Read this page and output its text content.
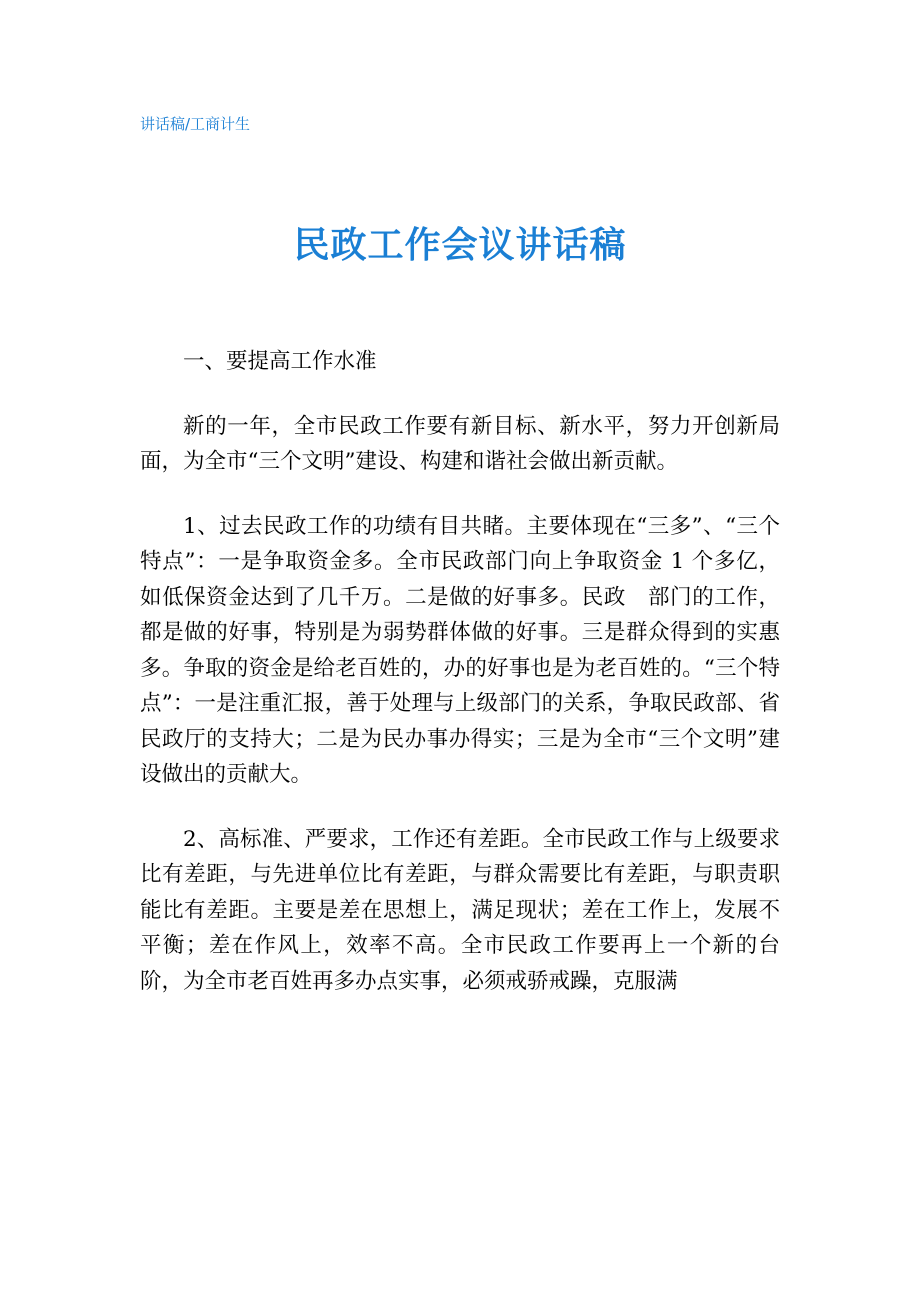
讲话稿/工商计生
民政工作会议讲话稿

一、要提高工作水准

新的一年，全市民政工作要有新目标、新水平，努力开创新局面，为全市“三个文明”建设、构建和谐社会做出新贡献。

1、过去民政工作的功绩有目共睹。主要体现在“三多”、“三个特点”：一是争取资金多。全市民政部门向上争取资金 1 个多亿，如低保资金达到了几千万。二是做的好事多。民政　部门的工作，都是做的好事，特别是为弱势群体做的好事。三是群众得到的实惠多。争取的资金是给老百姓的，办的好事也是为老百姓的。“三个特点”：一是注重汇报，善于处理与上级部门的关系，争取民政部、省民政厅的支持大；二是为民办事办得实；三是为全市“三个文明”建设做出的贡献大。

2、高标准、严要求，工作还有差距。全市民政工作与上级要求比有差距，与先进单位比有差距，与群众需要比有差距，与职责职能比有差距。主要是差在思想上，满足现状；差在工作上，发展不平衡；差在作风上，效率不高。全市民政工作要再上一个新的台阶，为全市老百姓再多办点实事，必须戒骄戒躁，克服满
